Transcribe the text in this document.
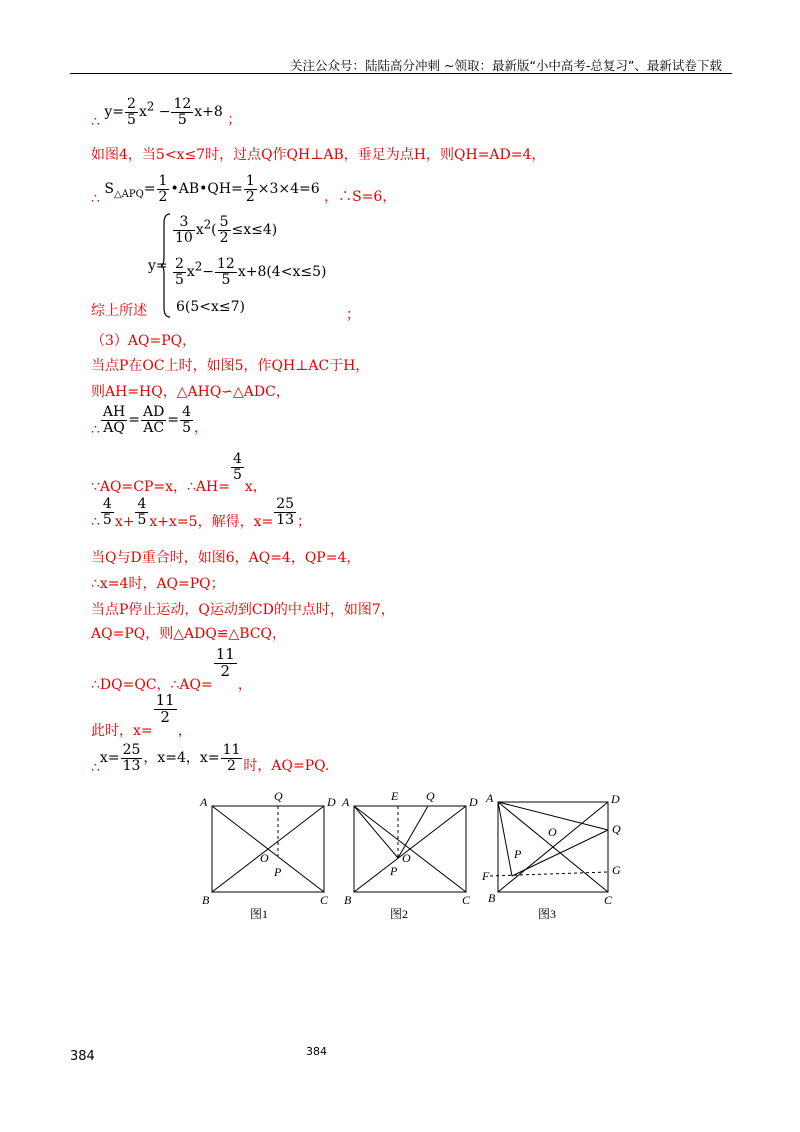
关注公众号：陆陆高分冲刺 ~领取：最新版“小中高考-总复习”、最新试卷下载
∴ $y= \frac{2}{5} x^2 - \frac{12}{5} x+8$ ；
如图4，当5<x≤7时，过点Q作QH⊥AB，垂足为点H，则QH=AD=4，
∴ $S_{\triangle APQ}= \frac{1}{2}$ •AB•QH= $\frac{1}{2} \times 3\times 4=6$ ，∴S=6，
综上所述
y=
$\frac{3}{10} x^2( \frac{5}{2} \le x\le 4)$
$\frac{2}{5} x^2- \frac{12}{5} x+8(4<x\le 5)$
6(5<x≤7)	；
（3）AQ=PQ，
当点P在OC上时，如图5，作QH⊥AC于H，
则AH=HQ，△AHQ∽△ADC，
∴ $\frac{AH}{AQ} = \frac{AD}{AC} = \frac{4}{5}$ ，
∵AQ=CP=x，∴AH=
$\frac{4}{5}$
x，
∴ $\frac{4}{5} x+ \frac{4}{5} x+x=5$，解得，$x= \frac{25}{13}$ ；
当Q与D重合时，如图6，AQ=4，QP=4，
∴x=4时，AQ=PQ；
当点P停止运动，Q运动到CD的中点时，如图7，
AQ=PQ，则△ADQ≌△BCQ，
∴DQ=QC，∴AQ=
$\frac{11}{2}$
，
此时，x=
$\frac{11}{2}$
，
∴x= $\frac{25}{13}$ ，x=4，$x= \frac{11}{2}$ 时，AQ=PQ.
A	Q	D
O
P
B	C
图1
A	E Q	D
O
P
B	C
图2
A	D
Q
O
P
G
F
B	C
图3
384	384
